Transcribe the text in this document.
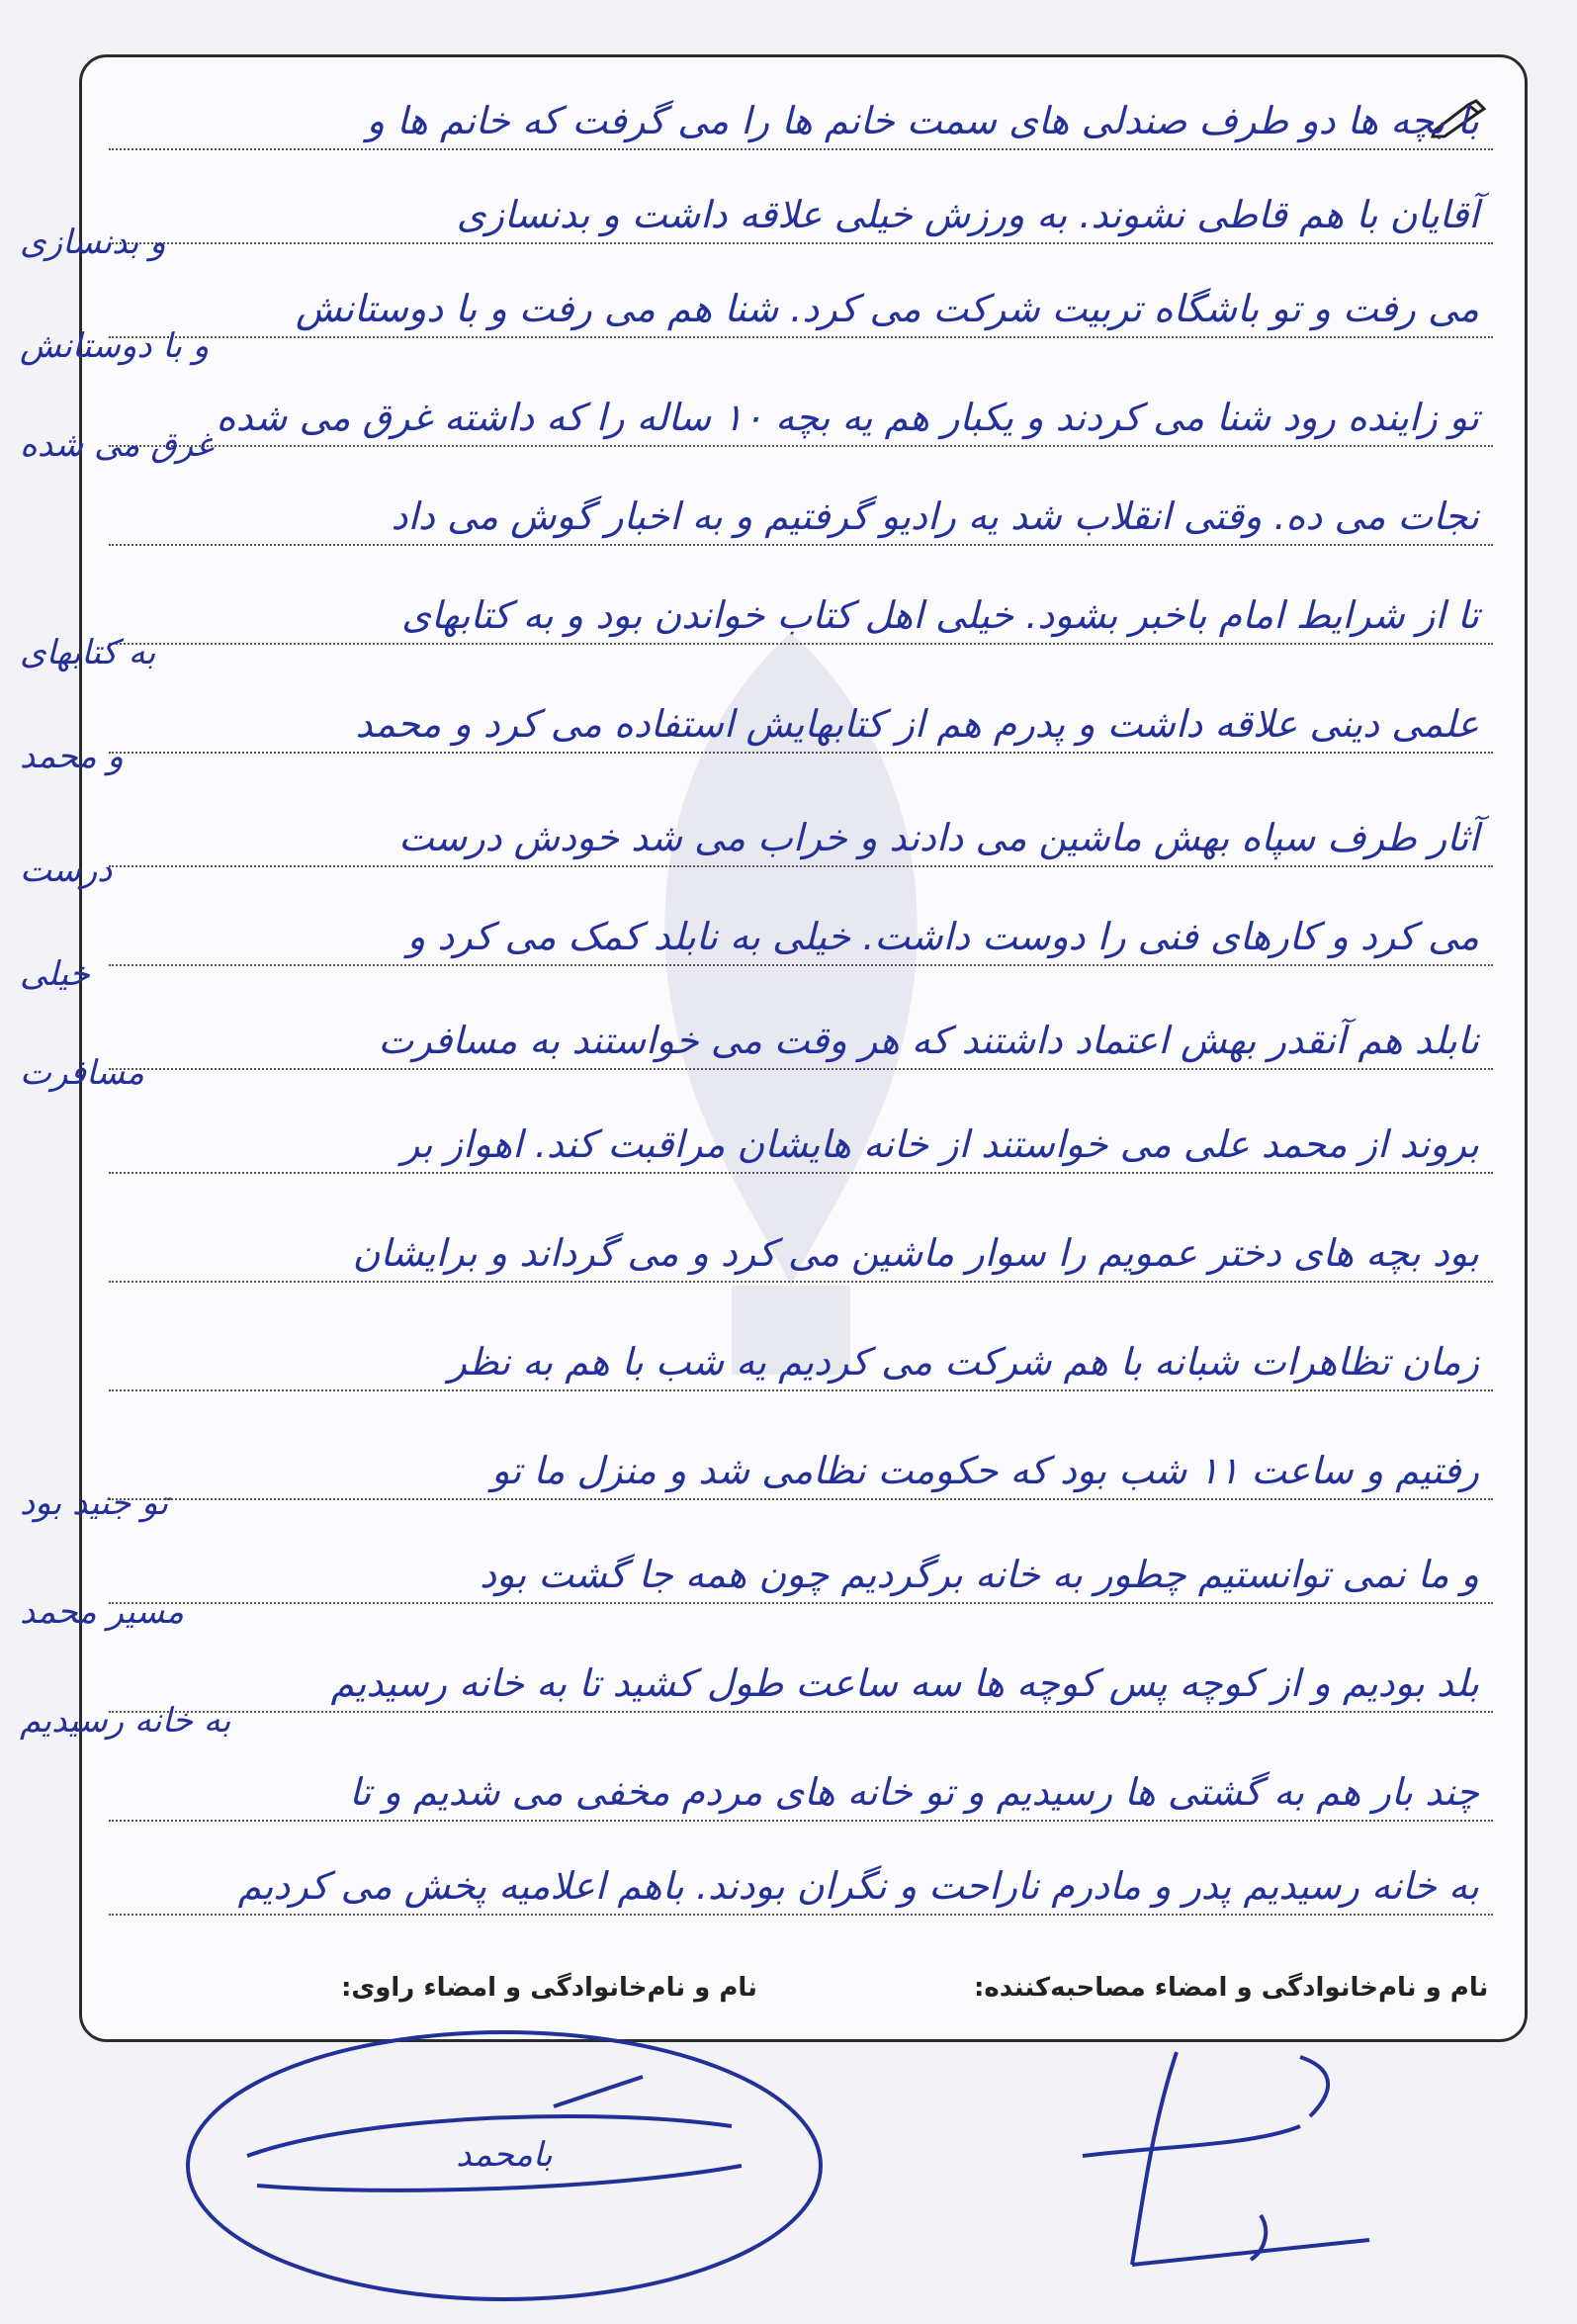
با بچه ها دو طرف صندلی های سمت خانم ها را می گرفت که خانم ها و
آقایان با هم قاطی نشوند. به ورزش خیلی علاقه داشت و بدنسازی
می رفت و تو باشگاه تربیت شرکت می کرد. شنا هم می رفت و با دوستانش
تو زاینده رود شنا می کردند و یکبار هم یه بچه ۱۰ ساله را که داشته غرق می شده
نجات می ده. وقتی انقلاب شد یه رادیو گرفتیم و به اخبار گوش می داد
تا از شرایط امام باخبر بشود. خیلی اهل کتاب خواندن بود و به کتابهای
علمی دینی علاقه داشت و پدرم هم از کتابهایش استفاده می کرد و محمد
آثار طرف سپاه بهش ماشین می دادند و خراب می شد خودش درست
می کرد و کارهای فنی را دوست داشت. خیلی به نابلد کمک می کرد و
نابلد هم آنقدر بهش اعتماد داشتند که هر وقت می خواستند به مسافرت
بروند از محمد علی می خواستند از خانه هایشان مراقبت کند. اهواز بر
بود بچه های دختر عمویم را سوار ماشین می کرد و می گرداند و برایشان
زمان تظاهرات شبانه با هم شرکت می کردیم یه شب با هم به نظر
رفتیم و ساعت ۱۱ شب بود که حکومت نظامی شد و منزل ما تو
و ما نمی توانستیم چطور به خانه برگردیم چون همه جا گشت بود
بلد بودیم و از کوچه پس کوچه ها سه ساعت طول کشید تا به خانه رسیدیم
چند بار هم به گشتی ها رسیدیم و تو خانه های مردم مخفی می شدیم و تا
به خانه رسیدیم پدر و مادرم ناراحت و نگران بودند. باهم اعلامیه پخش می کردیم
و بدنسازی
و با دوستانش
غرق می شده
به کتابهای
و محمد
درست
خیلی
مسافرت
تو جنید بود
مسیر محمد
به خانه رسیدیم
نام و نام‌خانوادگی و امضاء راوی:	نام و نام‌خانوادگی و امضاء مصاحبه‌کننده:
بامحمد
